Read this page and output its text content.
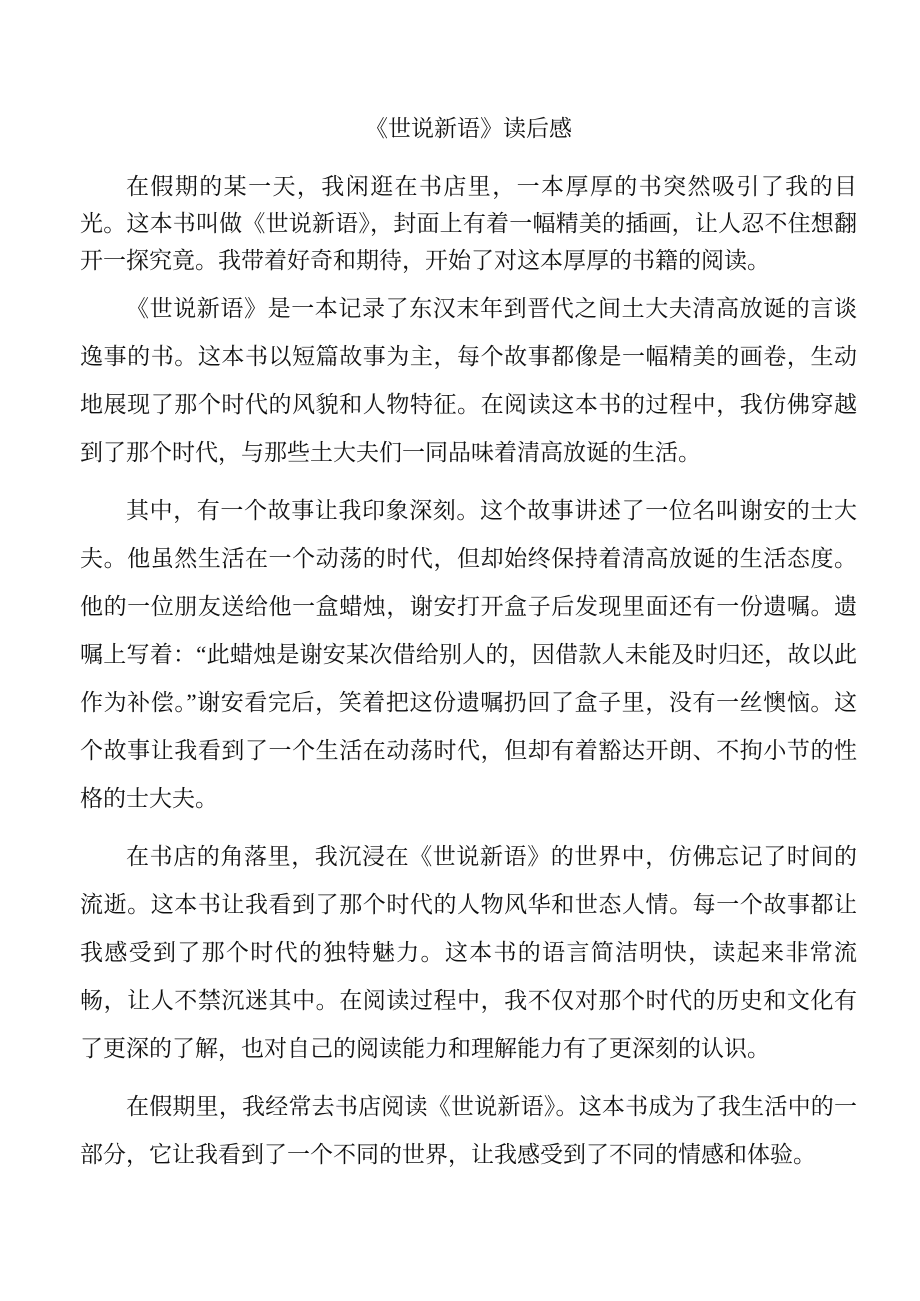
《世说新语》读后感

在假期的某一天，我闲逛在书店里，一本厚厚的书突然吸引了我的目光。这本书叫做《世说新语》，封面上有着一幅精美的插画，让人忍不住想翻开一探究竟。我带着好奇和期待，开始了对这本厚厚的书籍的阅读。

《世说新语》是一本记录了东汉末年到晋代之间土大夫清高放诞的言谈逸事的书。这本书以短篇故事为主，每个故事都像是一幅精美的画卷，生动地展现了那个时代的风貌和人物特征。在阅读这本书的过程中，我仿佛穿越到了那个时代，与那些土大夫们一同品味着清高放诞的生活。

其中，有一个故事让我印象深刻。这个故事讲述了一位名叫谢安的士大夫。他虽然生活在一个动荡的时代，但却始终保持着清高放诞的生活态度。他的一位朋友送给他一盒蜡烛，谢安打开盒子后发现里面还有一份遗嘱。遗嘱上写着：“此蜡烛是谢安某次借给别人的，因借款人未能及时归还，故以此作为补偿。”谢安看完后，笑着把这份遗嘱扔回了盒子里，没有一丝懊恼。这个故事让我看到了一个生活在动荡时代，但却有着豁达开朗、不拘小节的性格的士大夫。

在书店的角落里，我沉浸在《世说新语》的世界中，仿佛忘记了时间的流逝。这本书让我看到了那个时代的人物风华和世态人情。每一个故事都让我感受到了那个时代的独特魅力。这本书的语言简洁明快，读起来非常流畅，让人不禁沉迷其中。在阅读过程中，我不仅对那个时代的历史和文化有了更深的了解，也对自己的阅读能力和理解能力有了更深刻的认识。

在假期里，我经常去书店阅读《世说新语》。这本书成为了我生活中的一部分，它让我看到了一个不同的世界，让我感受到了不同的情感和体验。
